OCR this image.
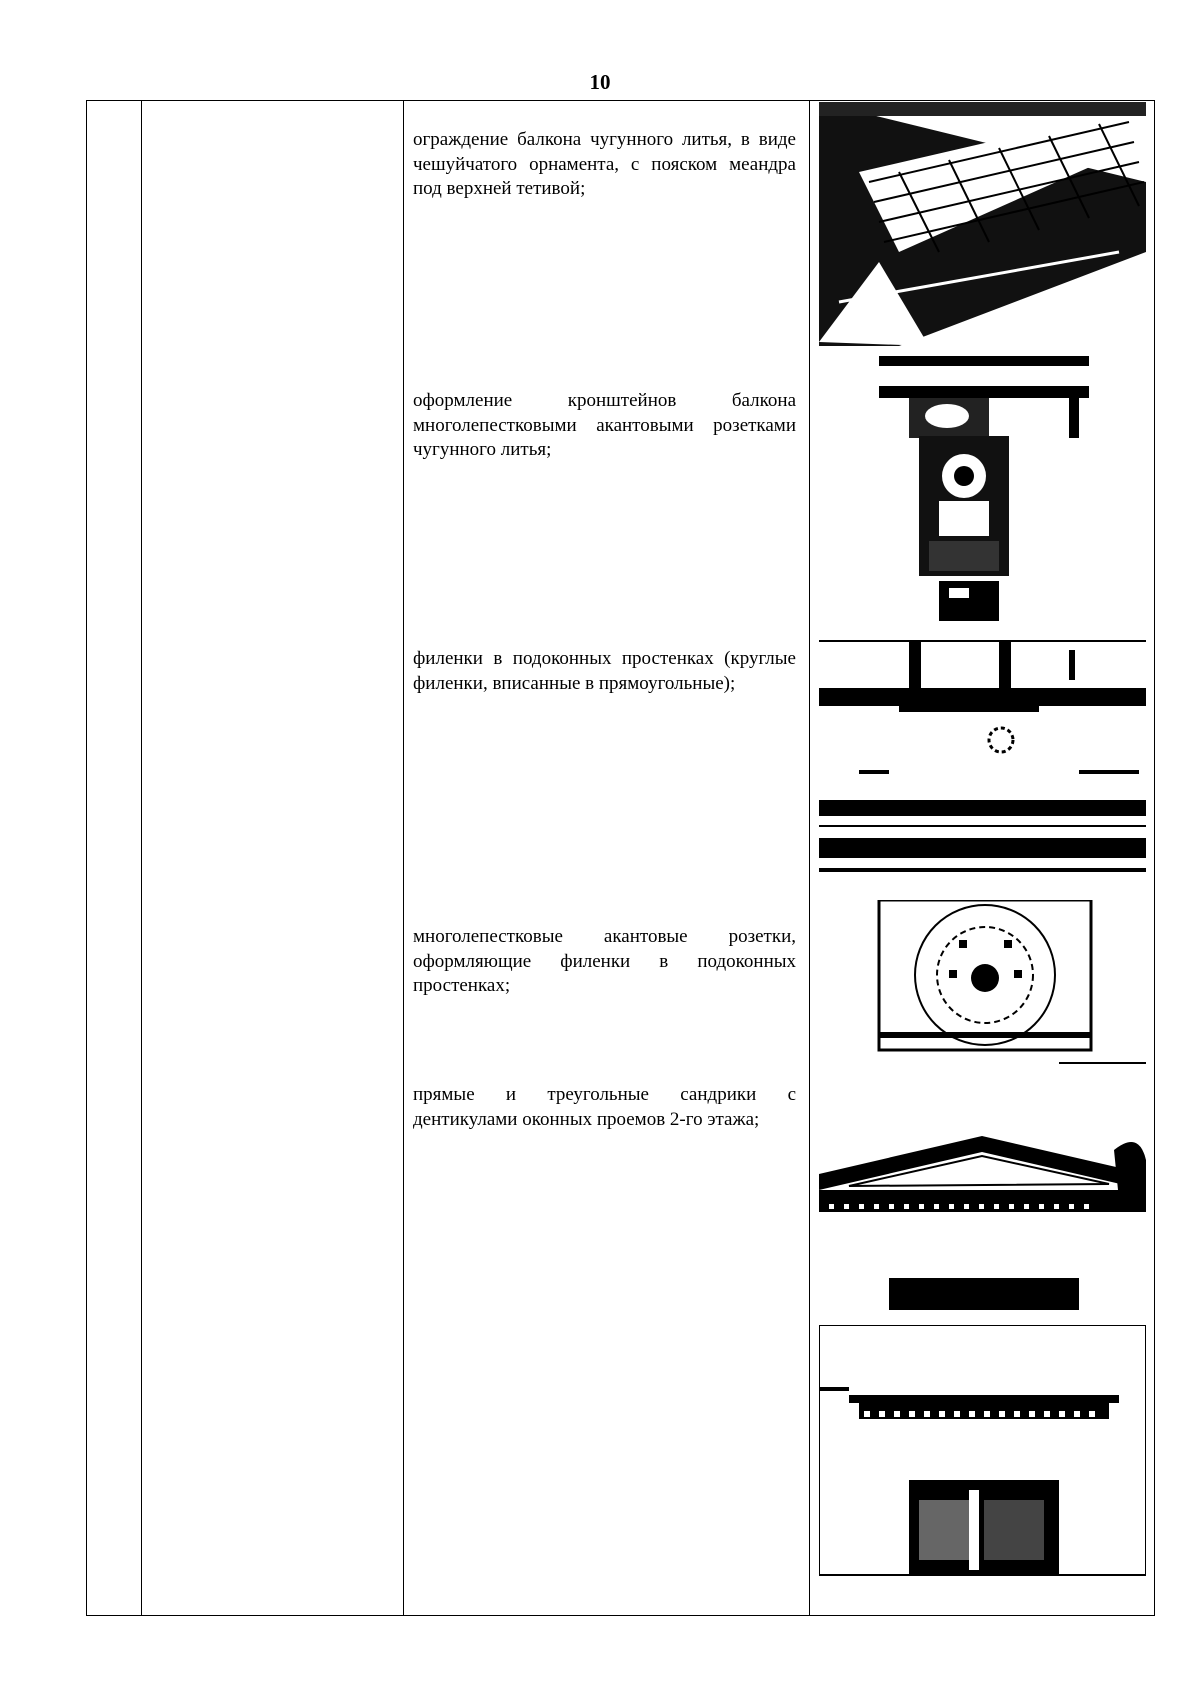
10
ограждение балкона чугунного литья, в виде чешуйчатого орнамента, с пояском меандра под верхней тетивой;
оформление кронштейнов балкона многолепестковыми акантовыми розетками чугунного литья;
филенки в подоконных простенках (круглые филенки, вписанные в прямоугольные);
многолепестковые акантовые розетки, оформляющие филенки в подоконных простенках;
прямые и треугольные сандрики с дентикулами оконных проемов 2-го этажа;
